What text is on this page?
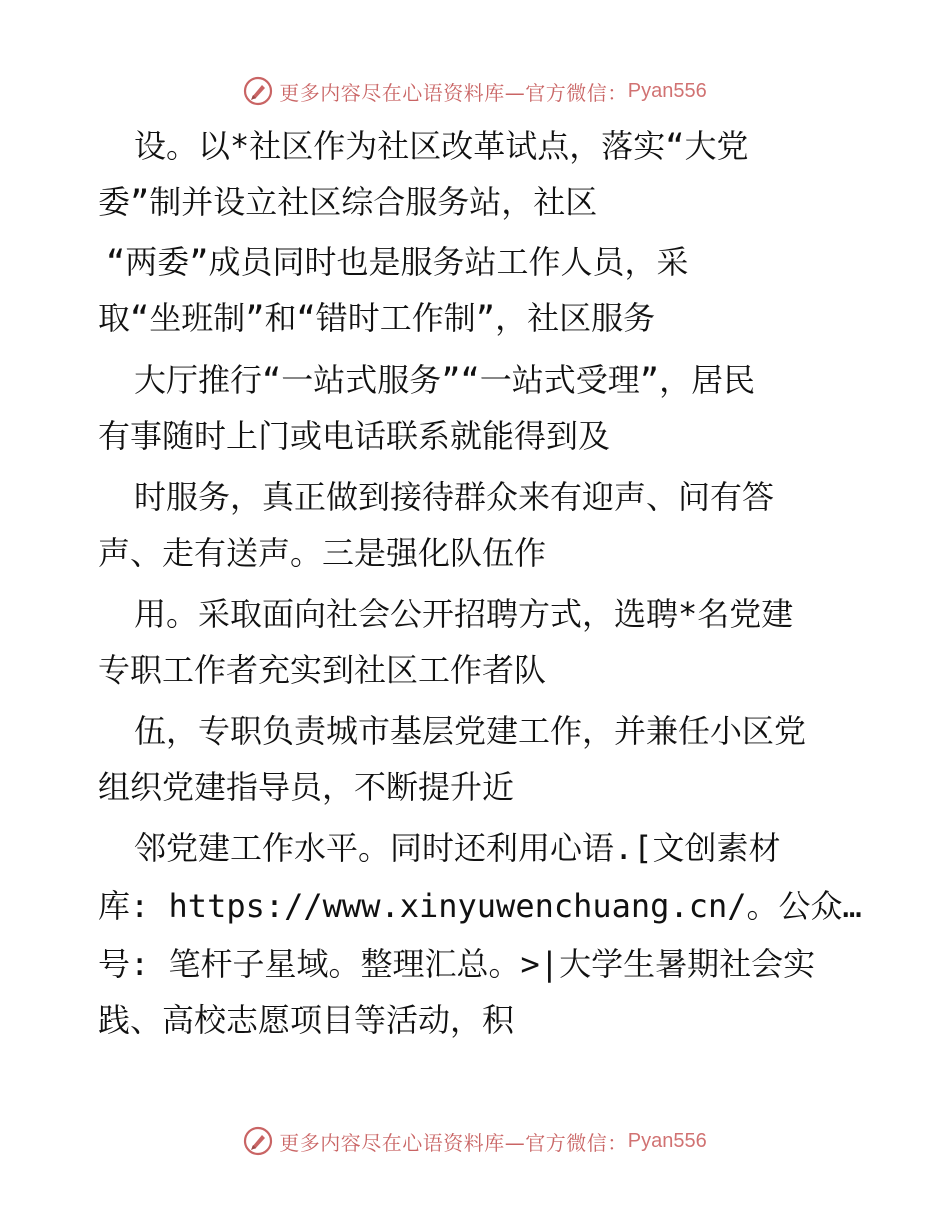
更多内容尽在心语资料库—官方微信： Pyan556
设。以*社区作为社区改革试点，落实“大党
委”制并设立社区综合服务站，社区
“两委”成员同时也是服务站工作人员，采
取“坐班制”和“错时工作制”，社区服务
大厅推行“一站式服务”“一站式受理”，居民
有事随时上门或电话联系就能得到及
时服务，真正做到接待群众来有迎声、问有答
声、走有送声。三是强化队伍作
用。采取面向社会公开招聘方式，选聘*名党建
专职工作者充实到社区工作者队
伍，专职负责城市基层党建工作，并兼任小区党
组织党建指导员，不断提升近
邻党建工作水平。同时还利用心语.[文创素材
库: https://www.xinyuwenchuang.cn/。公众…
号: 笔杆子星域。整理汇总。>|大学生暑期社会实
践、高校志愿项目等活动，积
更多内容尽在心语资料库—官方微信： Pyan556
